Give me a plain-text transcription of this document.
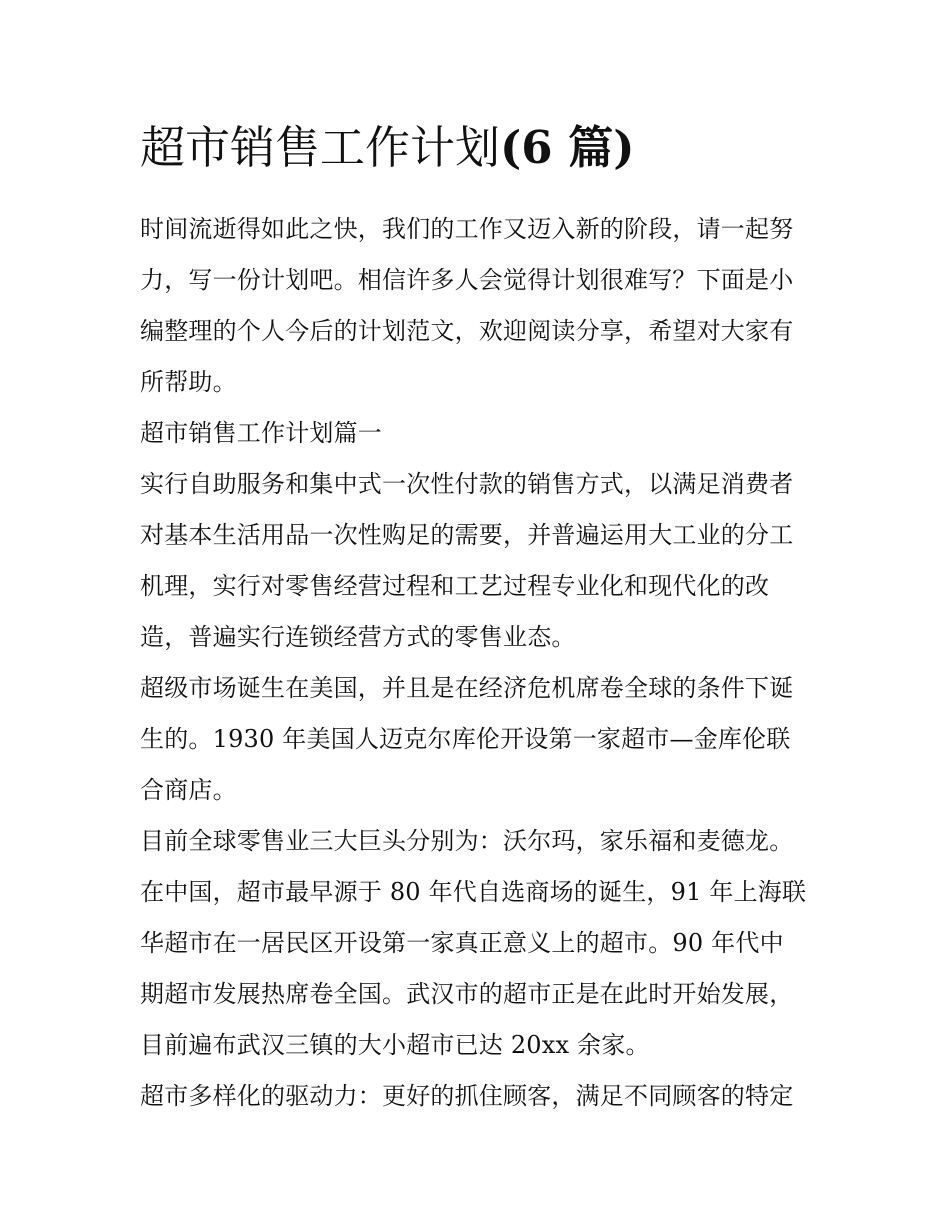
超市销售工作计划(6 篇)

时间流逝得如此之快，我们的工作又迈入新的阶段，请一起努
力，写一份计划吧。相信许多人会觉得计划很难写？下面是小
编整理的个人今后的计划范文，欢迎阅读分享，希望对大家有
所帮助。

超市销售工作计划篇一

实行自助服务和集中式一次性付款的销售方式，以满足消费者
对基本生活用品一次性购足的需要，并普遍运用大工业的分工
机理，实行对零售经营过程和工艺过程专业化和现代化的改
造，普遍实行连锁经营方式的零售业态。

超级市场诞生在美国，并且是在经济危机席卷全球的条件下诞
生的。1930 年美国人迈克尔库伦开设第一家超市—金库伦联
合商店。

目前全球零售业三大巨头分别为：沃尔玛，家乐福和麦德龙。
在中国，超市最早源于 80 年代自选商场的诞生，91 年上海联
华超市在一居民区开设第一家真正意义上的超市。90 年代中
期超市发展热席卷全国。武汉市的超市正是在此时开始发展，
目前遍布武汉三镇的大小超市已达 20xx 余家。

超市多样化的驱动力：更好的抓住顾客，满足不同顾客的特定
